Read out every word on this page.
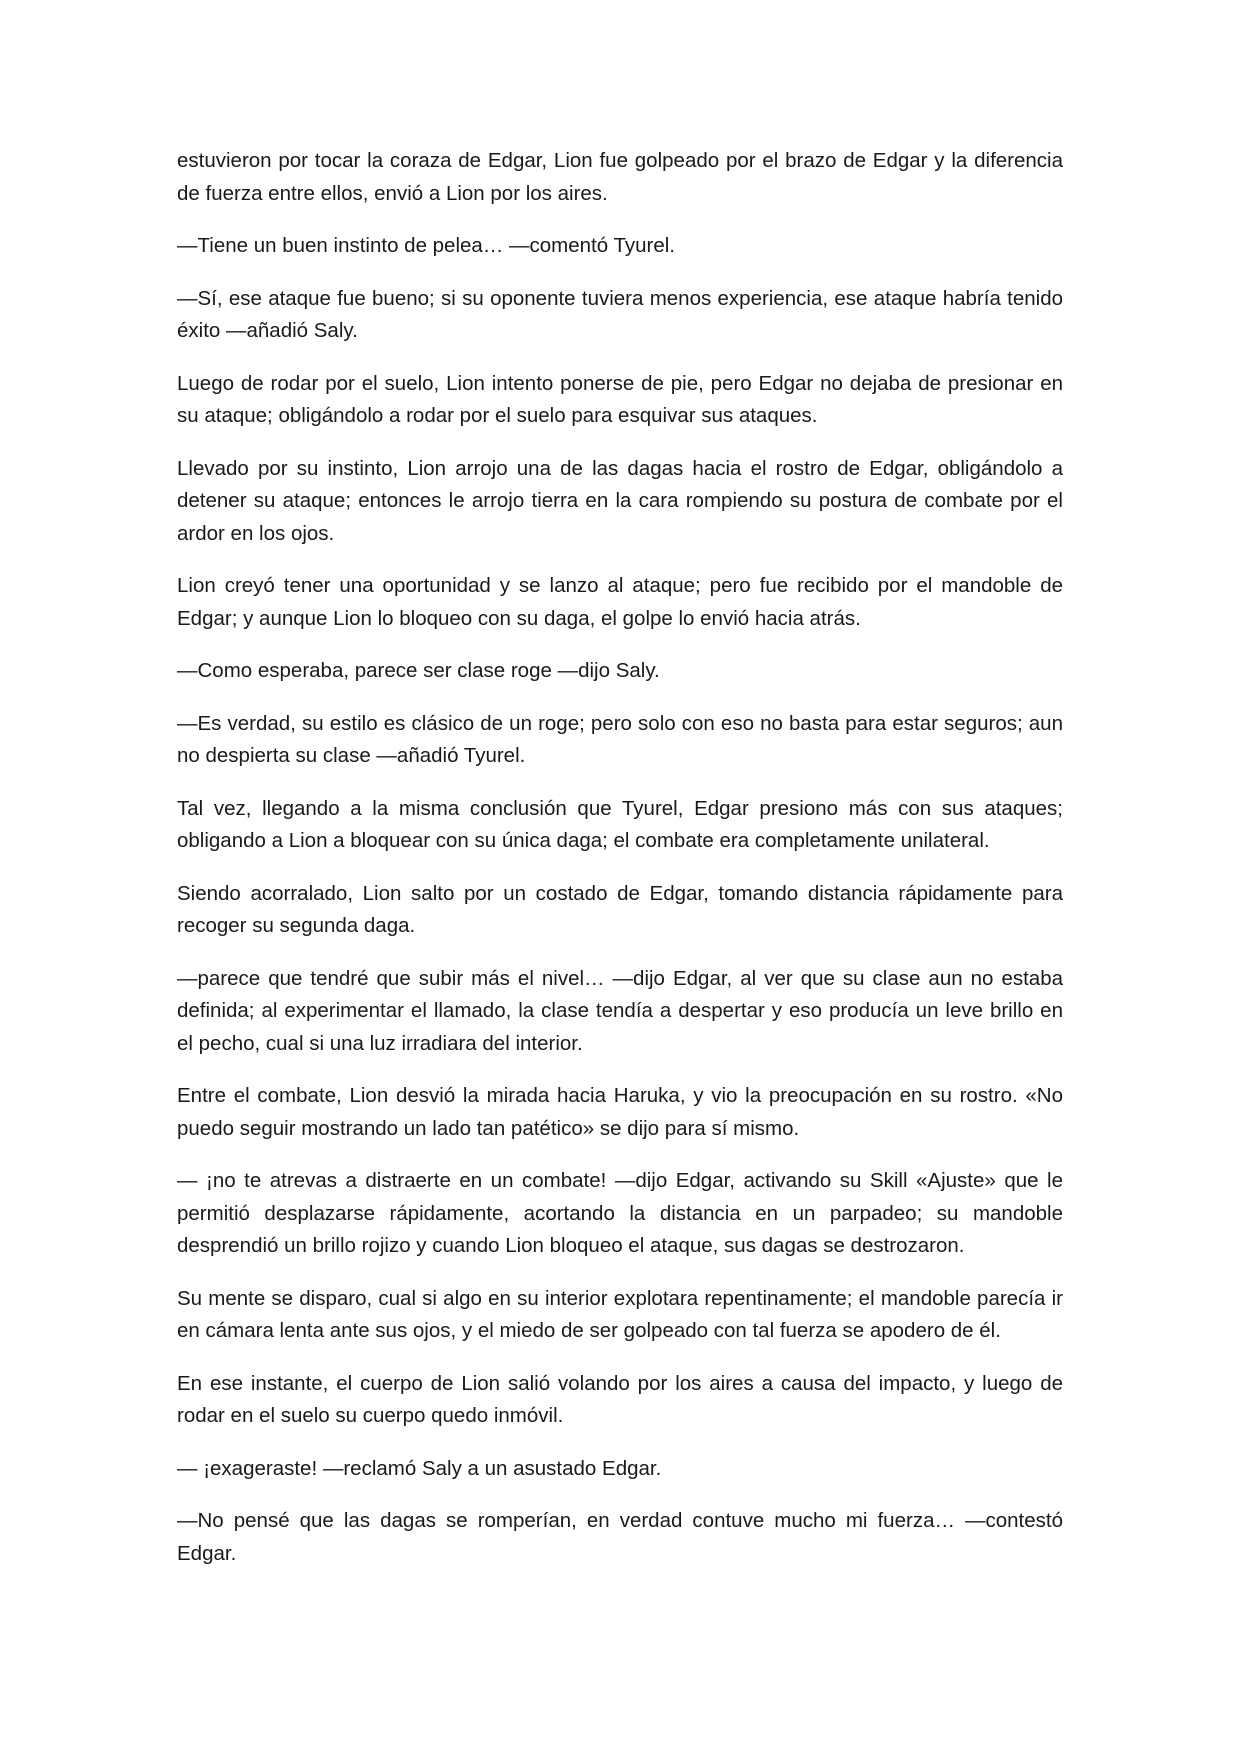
estuvieron por tocar la coraza de Edgar, Lion fue golpeado por el brazo de Edgar y la diferencia de fuerza entre ellos, envió a Lion por los aires.

—Tiene un buen instinto de pelea… —comentó Tyurel.

—Sí, ese ataque fue bueno; si su oponente tuviera menos experiencia, ese ataque habría tenido éxito —añadió Saly.

Luego de rodar por el suelo, Lion intento ponerse de pie, pero Edgar no dejaba de presionar en su ataque; obligándolo a rodar por el suelo para esquivar sus ataques.

Llevado por su instinto, Lion arrojo una de las dagas hacia el rostro de Edgar, obligándolo a detener su ataque; entonces le arrojo tierra en la cara rompiendo su postura de combate por el ardor en los ojos.

Lion creyó tener una oportunidad y se lanzo al ataque; pero fue recibido por el mandoble de Edgar; y aunque Lion lo bloqueo con su daga, el golpe lo envió hacia atrás.

—Como esperaba, parece ser clase roge —dijo Saly.

—Es verdad, su estilo es clásico de un roge; pero solo con eso no basta para estar seguros; aun no despierta su clase —añadió Tyurel.

Tal vez, llegando a la misma conclusión que Tyurel, Edgar presiono más con sus ataques; obligando a Lion a bloquear con su única daga; el combate era completamente unilateral.

Siendo acorralado, Lion salto por un costado de Edgar, tomando distancia rápidamente para recoger su segunda daga.

—parece que tendré que subir más el nivel… —dijo Edgar, al ver que su clase aun no estaba definida; al experimentar el llamado, la clase tendía a despertar y eso producía un leve brillo en el pecho, cual si una luz irradiara del interior.

Entre el combate, Lion desvió la mirada hacia Haruka, y vio la preocupación en su rostro. «No puedo seguir mostrando un lado tan patético» se dijo para sí mismo.

— ¡no te atrevas a distraerte en un combate! —dijo Edgar, activando su Skill «Ajuste» que le permitió desplazarse rápidamente, acortando la distancia en un parpadeo; su mandoble desprendió un brillo rojizo y cuando Lion bloqueo el ataque, sus dagas se destrozaron.

Su mente se disparo, cual si algo en su interior explotara repentinamente; el mandoble parecía ir en cámara lenta ante sus ojos, y el miedo de ser golpeado con tal fuerza se apodero de él.

En ese instante, el cuerpo de Lion salió volando por los aires a causa del impacto, y luego de rodar en el suelo su cuerpo quedo inmóvil.

— ¡exageraste! —reclamó Saly a un asustado Edgar.

—No pensé que las dagas se romperían, en verdad contuve mucho mi fuerza… —contestó Edgar.
